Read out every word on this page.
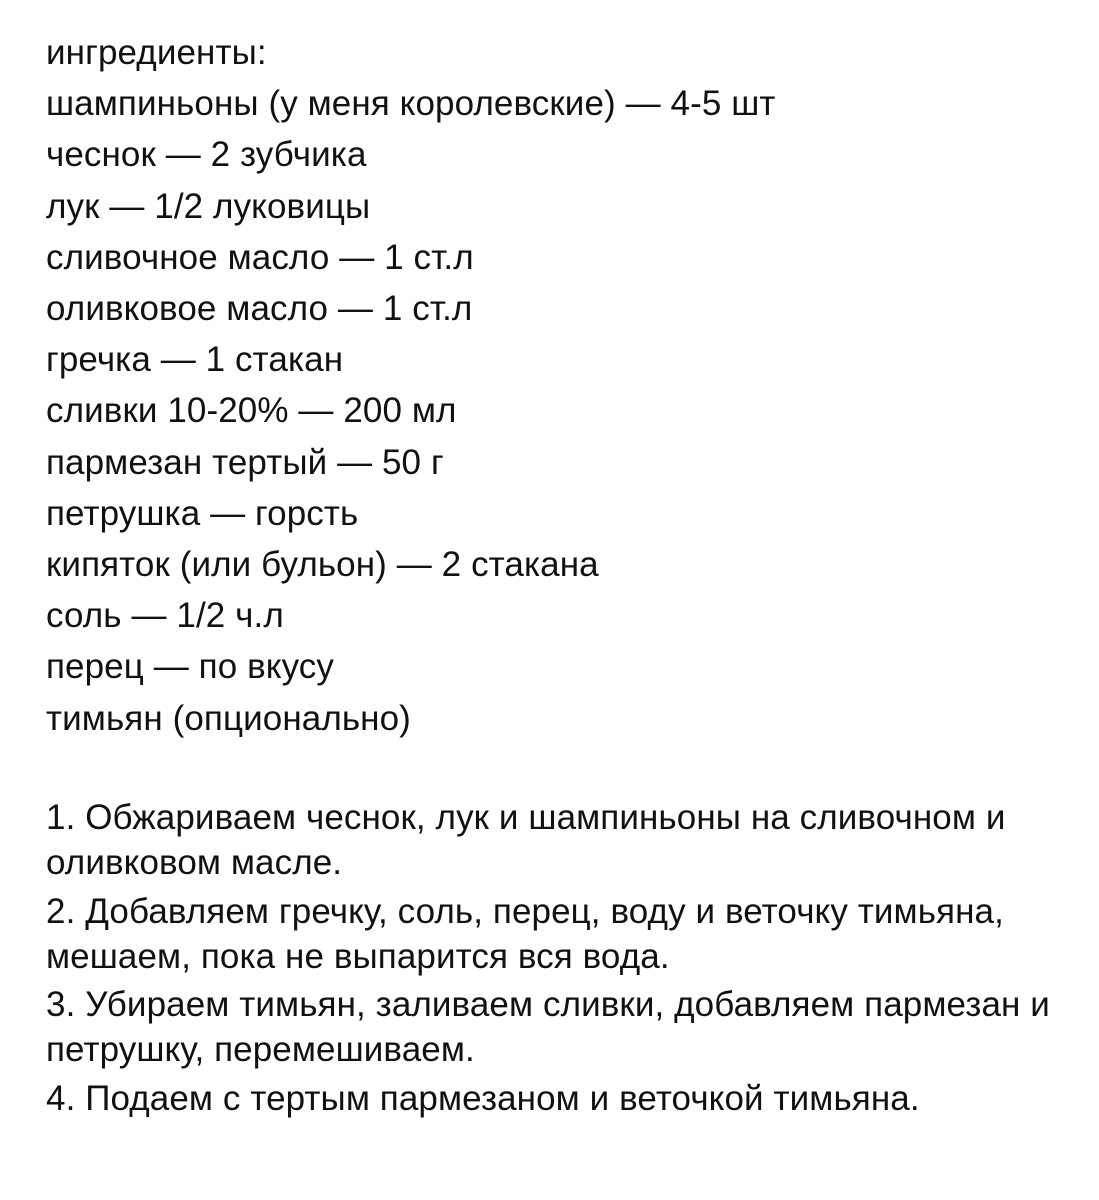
ингредиенты:
шампиньоны (у меня королевские) — 4-5 шт
чеснок — 2 зубчика
лук — 1/2 луковицы
сливочное масло — 1 ст.л
оливковое масло — 1 ст.л
гречка — 1 стакан
сливки 10-20% — 200 мл
пармезан тертый — 50 г
петрушка — горсть
кипяток (или бульон) — 2 стакана
соль — 1/2 ч.л
перец — по вкусу
тимьян (опционально)
1. Обжариваем чеснок, лук и шампиньоны на сливочном и оливковом масле.
2. Добавляем гречку, соль, перец, воду и веточку тимьяна, мешаем, пока не выпарится вся вода.
3. Убираем тимьян, заливаем сливки, добавляем пармезан и петрушку, перемешиваем.
4. Подаем с тертым пармезаном и веточкой тимьяна.
